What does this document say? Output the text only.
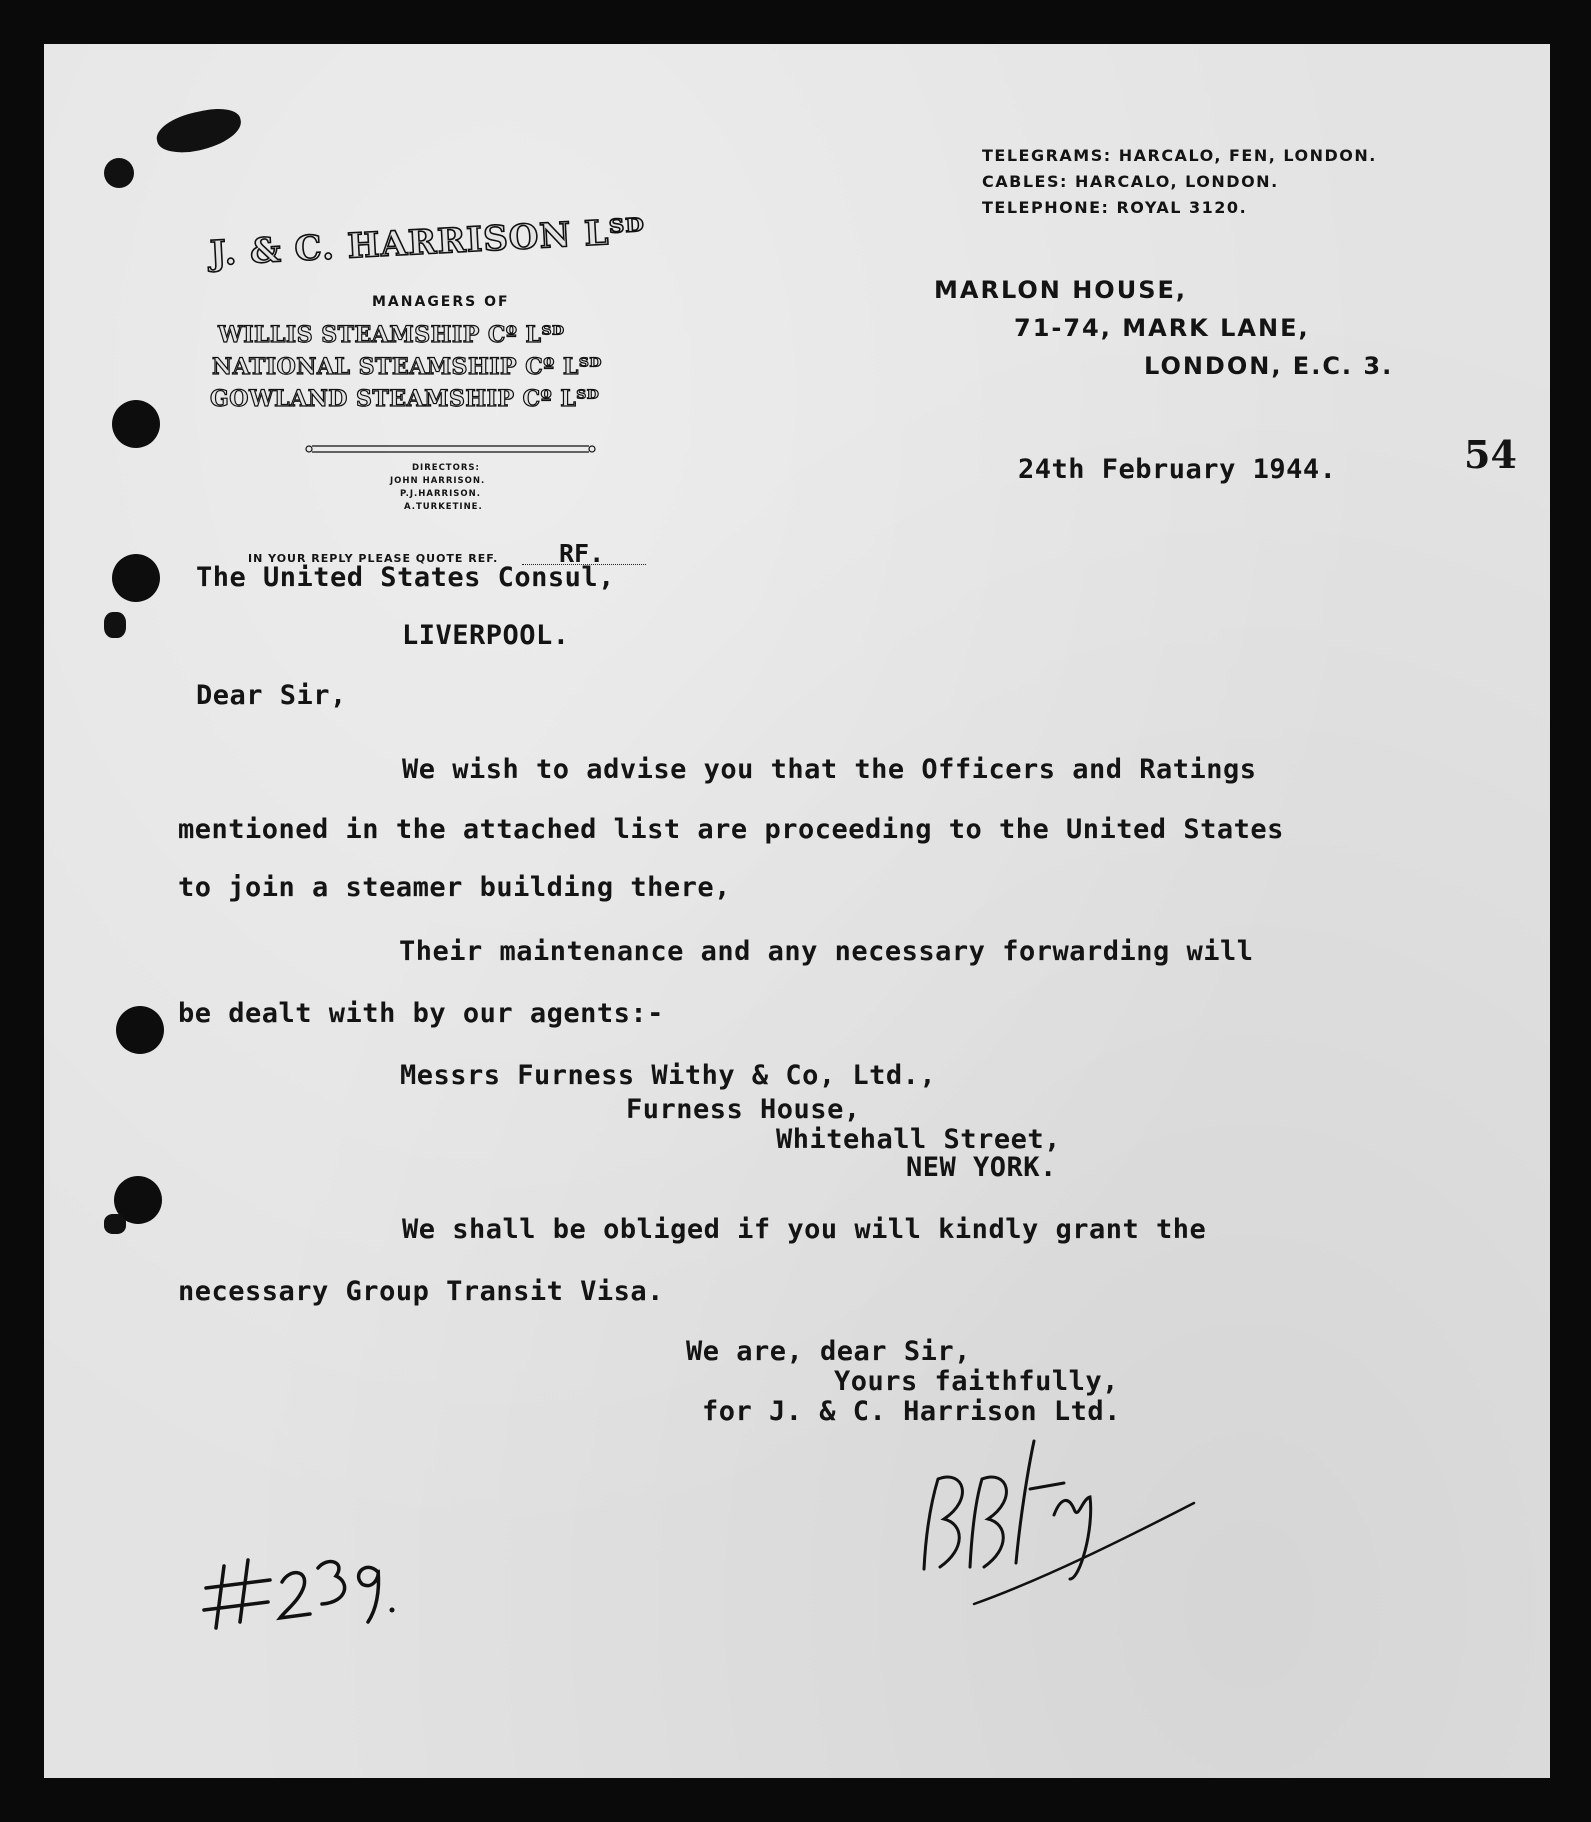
J. & C. HARRISON Lᵀᴰ
MANAGERS OF
WILLIS STEAMSHIP Cº Lᵀᴰ
NATIONAL STEAMSHIP Cº Lᵀᴰ
GOWLAND STEAMSHIP Cº Lᵀᴰ
DIRECTORS:
JOHN HARRISON.
P.J.HARRISON.
A.TURKETINE.
IN YOUR REPLY PLEASE QUOTE REF. RF.
TELEGRAMS: HARCALO, FEN, LONDON.
CABLES: HARCALO, LONDON.
TELEPHONE: ROYAL 3120.
MARLON HOUSE,
71-74, MARK LANE,
LONDON, E.C. 3.
54
24th February 1944.
The United States Consul,
LIVERPOOL.
Dear Sir,
We wish to advise you that the Officers and Ratings
mentioned in the attached list are proceeding to the United States
to join a steamer building there,
Their maintenance and any necessary forwarding will
be dealt with by our agents:-
Messrs Furness Withy & Co, Ltd.,
Furness House,
Whitehall Street,
NEW YORK.
We shall be obliged if you will kindly grant the
necessary Group Transit Visa.
We are, dear Sir,
Yours faithfully,
for J. & C. Harrison Ltd.
